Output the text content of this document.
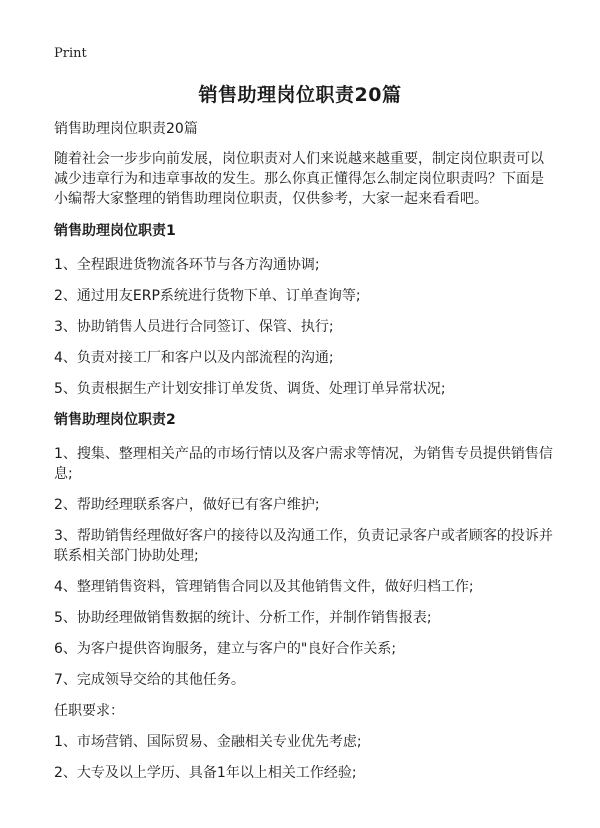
Print
销售助理岗位职责20篇

销售助理岗位职责20篇

随着社会一步步向前发展，岗位职责对人们来说越来越重要，制定岗位职责可以减少违章行为和违章事故的发生。那么你真正懂得怎么制定岗位职责吗？下面是小编帮大家整理的销售助理岗位职责，仅供参考，大家一起来看看吧。

销售助理岗位职责1
1、全程跟进货物流各环节与各方沟通协调;
2、通过用友ERP系统进行货物下单、订单查询等;
3、协助销售人员进行合同签订、保管、执行;
4、负责对接工厂和客户以及内部流程的沟通;
5、负责根据生产计划安排订单发货、调货、处理订单异常状况;
销售助理岗位职责2
1、搜集、整理相关产品的市场行情以及客户需求等情况，为销售专员提供销售信息;
2、帮助经理联系客户，做好已有客户维护;
3、帮助销售经理做好客户的接待以及沟通工作，负责记录客户或者顾客的投诉并联系相关部门协助处理;
4、整理销售资料，管理销售合同以及其他销售文件，做好归档工作;
5、协助经理做销售数据的统计、分析工作，并制作销售报表;
6、为客户提供咨询服务，建立与客户的"良好合作关系;
7、完成领导交给的其他任务。

任职要求：

1、市场营销、国际贸易、金融相关专业优先考虑;
2、大专及以上学历、具备1年以上相关工作经验;
